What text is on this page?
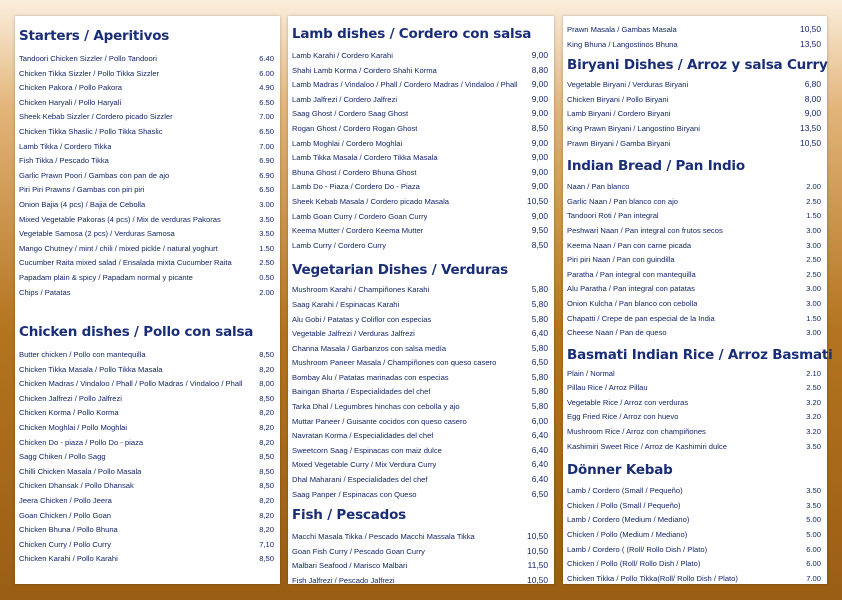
Starters / Aperitivos
Tandoori Chicken Sizzler / Pollo Tandoori	6.40
Chicken Tikka Sizzler / Pollo Tikka Sizzler	6.00
Chicken Pakora / Pollo Pakora	4.90
Chicken Haryali / Pollo Haryali	6.50
Sheek Kebab Sizzler / Cordero picado Sizzler	7.00
Chicken Tikka Shaslic / Pollo Tikka Shaslic	6.50
Lamb Tikka / Cordero Tikka	7.00
Fish Tikka / Pescado Tikka	6.90
Garlic Prawn Poori / Gambas con pan de ajo	6.90
Piri Piri Prawns / Gambas con piri piri	6.50
Onion Bajia (4 pcs) / Bajia de Cebolla	3.00
Mixed Vegetable Pakoras (4 pcs) / Mix de verduras Pakoras	3.50
Vegetable Samosa (2 pcs) / Verduras Samosa	3.50
Mango Chutney / mint / chili / mixed pickle / natural yoghurt	1.50
Cucumber Raita mixed salad / Ensalada mixta Cucumber Raita	2.50
Papadam plain & spicy / Papadam normal y picante	0.50
Chips / Patatas	2.00
Chicken dishes / Pollo con salsa
Butter chicken / Pollo con mantequilla	8,50
Chicken Tikka Masala / Pollo Tikka Masala	8,20
Chicken Madras / Vindaloo / Phall / Pollo Madras / Vindaloo / Phall	8,00
Chicken Jalfrezi / Pollo Jalfrezi	8,50
Chicken Korma / Pollo Korma	8,20
Chicken Moghlai / Pollo Moghlai	8,20
Chicken Do - piaza / Pollo Do - piaza	8,20
Sagg Chiken / Pollo Sagg	8,50
Chilli Chicken Masala / Pollo Masala	8,50
Chicken Dhansak / Pollo Dhansak	8,50
Jeera Chicken / Pollo Jeera	8,20
Goan Chicken / Pollo Goan	8,20
Chicken Bhuna / Pollo Bhuna	8,20
Chicken Curry / Pollo Curry	7,10
Chicken Karahi / Pollo Karahi	8,50
Lamb dishes / Cordero con salsa
Lamb Karahi / Cordero Karahi	9,00
Shahi Lamb Korma / Cordero Shahi Korma	8,80
Lamb Madras / Vindaloo / Phall / Cordero Madras / Vindaloo / Phall	9,00
Lamb Jalfrezi / Cordero Jalfrezi	9,00
Saag Ghost / Cordero Saag Ghost	9,00
Rogan Ghost / Cordero Rogan Ghost	8,50
Lamb Moghlai / Cordero Moghlai	9,00
Lamb Tikka Masala / Cordero Tikka Masala	9,00
Bhuna Ghost / Cordero Bhuna Ghost	9,00
Lamb Do - Piaza / Cordero Do - Piaza	9,00
Sheek Kebab Masala / Cordero picado Masala	10,50
Lamb Goan Curry / Cordero Goan Curry	9,00
Keema Mutter / Cordero Keema Mutter	9,50
Lamb Curry / Cordero Curry	8,50
Vegetarian Dishes / Verduras
Mushroom Karahi / Champiñones Karahi	5,80
Saag Karahi / Espinacas Karahi	5,80
Alu Gobi / Patatas y Coliflor con especias	5,80
Vegetable Jalfrezi / Verduras Jalfrezi	6,40
Channa Masala / Garbanzos con salsa medía	5,80
Mushroom Paneer Masala / Champiñones con queso casero	6,50
Bombay Alu / Patatas marinadas con especias	5,80
Baingan Bharta / Especialidades del chef	5,80
Tarka Dhal / Legumbres hinchas con cebolla y ajo	5,80
Muttar Paneer / Guisante cocidos con queso casero	6,00
Navratan Korma / Especialidades del chef	6,40
Sweetcorn Saag / Espinacas con maiz dulce	6,40
Mixed Vegetable Curry / Mix Verdura Curry	6,40
Dhal Maharani / Especialidades del chef	6,40
Saag Panper / Espinacas con Queso	6,50
Fish / Pescados
Macchi Masala Tikka / Pescado Macchi Massala Tikka	10,50
Goan Fish Curry / Pescado Goan Curry	10,50
Malbari Seafood / Marisco Malbari	11,50
Fish Jalfrezi / Pescado Jalfrezi	10,50
Prawn Masala / Gambas Masala	10,50
King Bhuna / Langostinos Bhuna	13,50
Biryani Dishes / Arroz y salsa Curry
Vegetable Biryani / Verduras Biryani	6,80
Chicken Biryani / Pollo Biryani	8,00
Lamb Biryani / Cordero Biryani	9,00
King Prawn Biryani / Langostino Biryani	13,50
Prawn Biryani / Gamba Biryani	10,50
Indian Bread / Pan Indio
Naan / Pan blanco	2.00
Garlic Naan / Pan blanco con ajo	2.50
Tandoori Roti / Pan integral	1.50
Peshwari Naan / Pan integral con frutos secos	3.00
Keema Naan / Pan con carne picada	3.00
Piri piri Naan / Pan con guindilla	2.50
Paratha / Pan integral con mantequilla	2.50
Alu Paratha / Pan integral con patatas	3.00
Onion Kulcha / Pan blanco con cebolla	3.00
Chapatti / Crepe de pan especial de la India	1.50
Cheese Naan / Pan de queso	3.00
Basmati Indian Rice / Arroz Basmati
Plain / Normal	2.10
Pillau Rice / Arroz Pillau	2.50
Vegetable Rice / Arroz con verduras	3.20
Egg Fried Rice / Arroz con huevo	3.20
Mushroom Rice / Arroz con champiñones	3.20
Kashimiri Sweet Rice / Arroz de Kashimiri dulce	3.50
Dönner Kebab
Lamb / Cordero (Small / Pequeño)	3.50
Chicken / Pollo (Small / Pequeño)	3.50
Lamb / Cordero (Medium / Mediano)	5.00
Chicken / Pollo (Medium / Mediano)	5.00
Lamb / Cordero ( (Roll/ Rollo Dish / Plato)	6.00
Chicken / Pollo (Roll/ Rollo Dish / Plato)	6.00
Chicken Tikka / Pollo Tikka(Roll/ Rollo Dish / Plato)	7.00
